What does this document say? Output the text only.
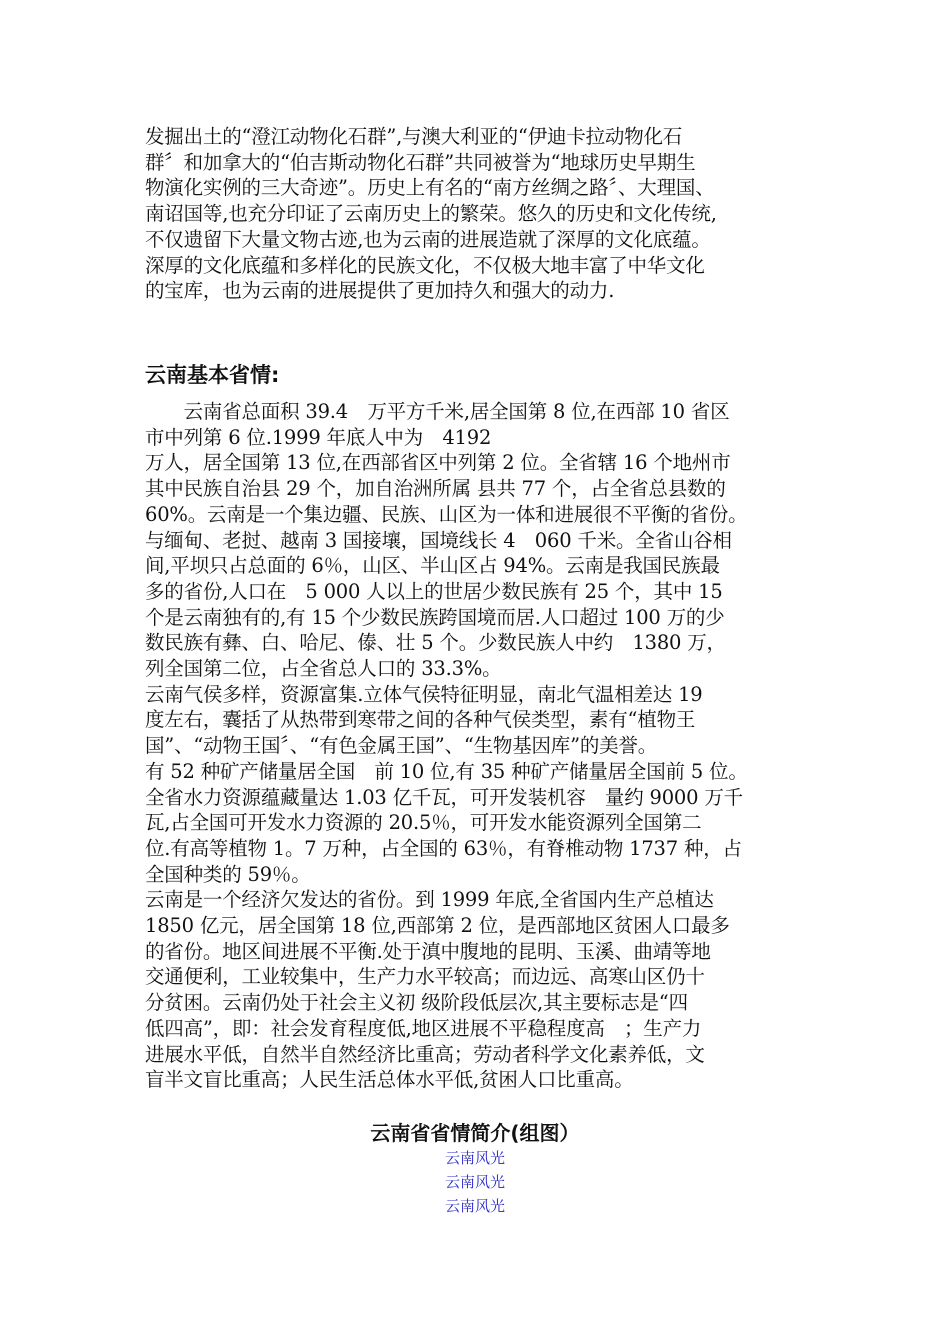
发掘出土的“澄江动物化石群”,与澳大利亚的“伊迪卡拉动物化石
群〞和加拿大的“伯吉斯动物化石群”共同被誉为“地球历史早期生
物演化实例的三大奇迹”。历史上有名的“南方丝绸之路〞、大理国、
南诏国等,也充分印证了云南历史上的繁荣。悠久的历史和文化传统,
不仅遗留下大量文物古迹,也为云南的进展造就了深厚的文化底蕴。
深厚的文化底蕴和多样化的民族文化，不仅极大地丰富了中华文化
的宝库，也为云南的进展提供了更加持久和强大的动力.
云南基本省情:
　　云南省总面积 39.4　万平方千米,居全国第 8 位,在西部 10 省区
市中列第 6 位.1999 年底人中为　4192
万人，居全国第 13 位,在西部省区中列第 2 位。全省辖 16 个地州市
其中民族自治县 29 个，加自治洲所属 县共 77 个，占全省总县数的
60%。云南是一个集边疆、民族、山区为一体和进展很不平衡的省份。
与缅甸、老挝、越南 3 国接壤，国境线长 4　060 千米。全省山谷相
间,平坝只占总面的 6％，山区、半山区占 94%。云南是我国民族最
多的省份,人口在　5 000 人以上的世居少数民族有 25 个，其中 15
个是云南独有的,有 15 个少数民族跨国境而居.人口超过 100 万的少
数民族有彝、白、哈尼、傣、壮 5 个。少数民族人中约　1380 万，
列全国第二位，占全省总人口的 33.3%。
云南气侯多样，资源富集.立体气侯特征明显，南北气温相差达 19
度左右，囊括了从热带到寒带之间的各种气侯类型，素有“植物王
国”、“动物王国〞、“有色金属王国”、“生物基因库”的美誉。
有 52 种矿产储量居全国　前 10 位,有 35 种矿产储量居全国前 5 位。
全省水力资源蕴藏量达 1.03 亿千瓦，可开发装机容　量约 9000 万千
瓦,占全国可开发水力资源的 20.5％，可开发水能资源列全国第二
位.有高等植物 1。7 万种，占全国的 63％，有脊椎动物 1737 种，占
全国种类的 59％。
云南是一个经济欠发达的省份。到 1999 年底,全省国内生产总植达
1850 亿元，居全国第 18 位,西部第 2 位，是西部地区贫困人口最多
的省份。地区间进展不平衡.处于滇中腹地的昆明、玉溪、曲靖等地
交通便利，工业较集中，生产力水平较高；而边远、高寒山区仍十
分贫困。云南仍处于社会主义初 级阶段低层次,其主要标志是“四
低四高”，即：社会发育程度低,地区进展不平稳程度高　；生产力
进展水平低，自然半自然经济比重高；劳动者科学文化素养低，文
盲半文盲比重高；人民生活总体水平低,贫困人口比重高。
云南省省情简介(组图）
云南风光
云南风光
云南风光
